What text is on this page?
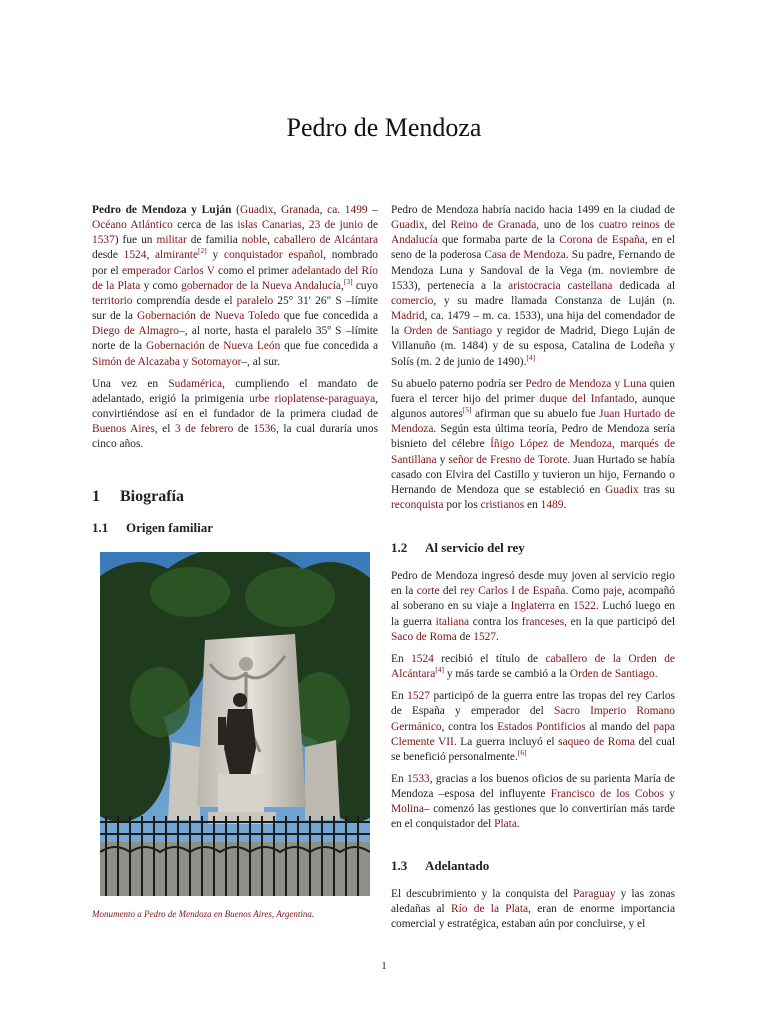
Pedro de Mendoza

Pedro de Mendoza y Luján (Guadix, Granada, ca. 1499 – Océano Atlántico cerca de las islas Canarias, 23 de junio de 1537) fue un militar de familia noble, caballero de Alcántara desde 1524, almirante[2] y conquistador español, nombrado por el emperador Carlos V como el primer adelantado del Río de la Plata y como gobernador de la Nueva Andalucía,[3] cuyo territorio comprendía desde el paralelo 25° 31′ 26″ S –límite sur de la Gobernación de Nueva Toledo que fue concedida a Diego de Almagro–, al norte, hasta el paralelo 35º S –límite norte de la Gobernación de Nueva León que fue concedida a Simón de Alcazaba y Sotomayor–, al sur.

Una vez en Sudamérica, cumpliendo el mandato de adelantado, erigió la primigenia urbe rioplatense-paraguaya, convirtiéndose así en el fundador de la primera ciudad de Buenos Aires, el 3 de febrero de 1536, la cual duraría unos cinco años.

1 Biografía
1.1 Origen familiar
Monumento a Pedro de Mendoza en Buenos Aires, Argentina.

Pedro de Mendoza habría nacido hacia 1499 en la ciudad de Guadix, del Reino de Granada, uno de los cuatro reinos de Andalucía que formaba parte de la Corona de España, en el seno de la poderosa Casa de Mendoza. Su padre, Fernando de Mendoza Luna y Sandoval de la Vega (m. noviembre de 1533), pertenecía a la aristocracia castellana dedicada al comercio, y su madre llamada Constanza de Luján (n. Madrid, ca. 1479 – m. ca. 1533), una hija del comendador de la Orden de Santiago y regidor de Madrid, Diego Luján de Villanuño (m. 1484) y de su esposa, Catalina de Lodeña y Solís (m. 2 de junio de 1490).[4]

Su abuelo paterno podría ser Pedro de Mendoza y Luna quien fuera el tercer hijo del primer duque del Infantado, aunque algunos autores[5] afirman que su abuelo fue Juan Hurtado de Mendoza. Según esta última teoría, Pedro de Mendoza sería bisnieto del célebre Íñigo López de Mendoza, marqués de Santillana y señor de Fresno de Torote. Juan Hurtado se había casado con Elvira del Castillo y tuvieron un hijo, Fernando o Hernando de Mendoza que se estableció en Guadix tras su reconquista por los cristianos en 1489.

1.2 Al servicio del rey

Pedro de Mendoza ingresó desde muy joven al servicio regio en la corte del rey Carlos I de España. Como paje, acompañó al soberano en su viaje a Inglaterra en 1522. Luchó luego en la guerra italiana contra los franceses, en la que participó del Saco de Roma de 1527.

En 1524 recibió el título de caballero de la Orden de Alcántara[4] y más tarde se cambió a la Orden de Santiago.

En 1527 participó de la guerra entre las tropas del rey Carlos de España y emperador del Sacro Imperio Romano Germánico, contra los Estados Pontificios al mando del papa Clemente VII. La guerra incluyó el saqueo de Roma del cual se benefició personalmente.[6]

En 1533, gracias a los buenos oficios de su parienta María de Mendoza –esposa del influyente Francisco de los Cobos y Molina– comenzó las gestiones que lo convertirían más tarde en el conquistador del Plata.

1.3 Adelantado

El descubrimiento y la conquista del Paraguay y las zonas aledañas al Río de la Plata, eran de enorme importancia comercial y estratégica, estaban aún por concluirse, y el

1
